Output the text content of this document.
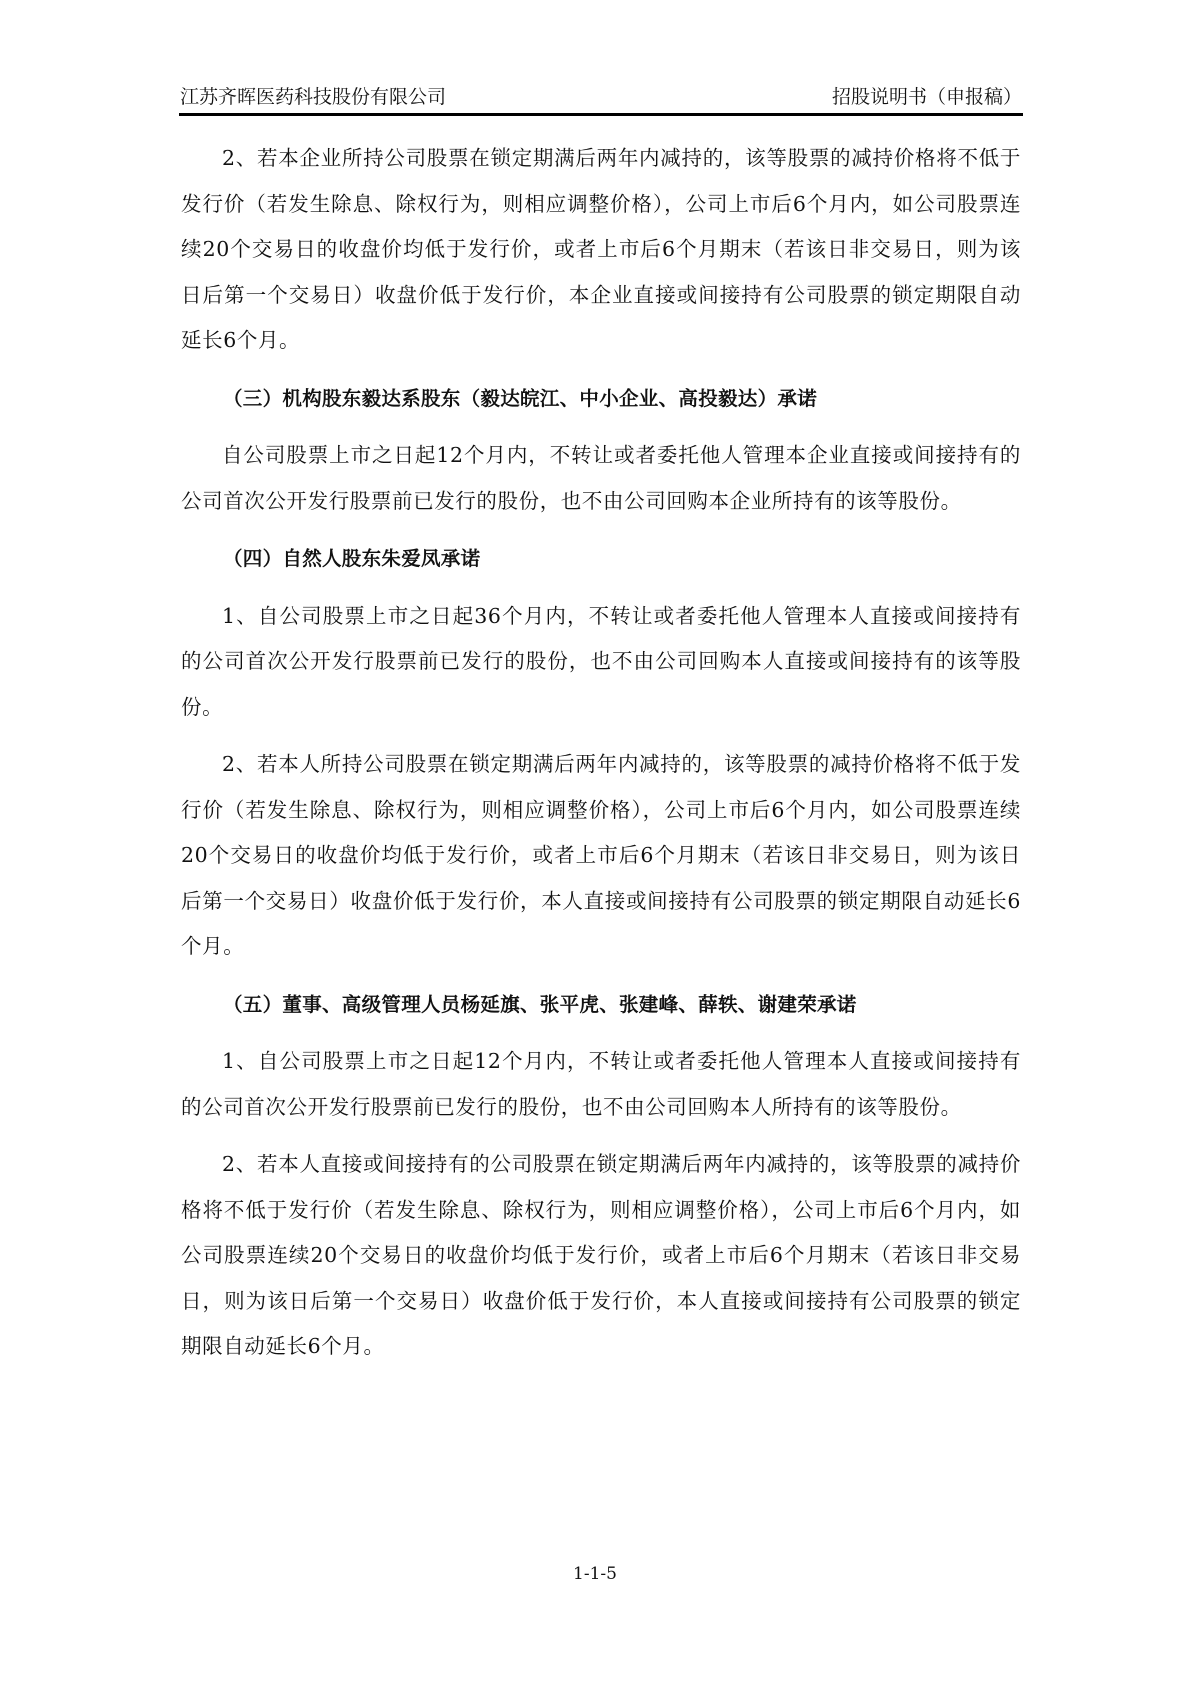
江苏齐晖医药科技股份有限公司	招股说明书（申报稿）

2、若本企业所持公司股票在锁定期满后两年内减持的，该等股票的减持价格将不低于发行价（若发生除息、除权行为，则相应调整价格），公司上市后6个月内，如公司股票连续20个交易日的收盘价均低于发行价，或者上市后6个月期末（若该日非交易日，则为该日后第一个交易日）收盘价低于发行价，本企业直接或间接持有公司股票的锁定期限自动延长6个月。

（三）机构股东毅达系股东（毅达皖江、中小企业、高投毅达）承诺

自公司股票上市之日起12个月内，不转让或者委托他人管理本企业直接或间接持有的公司首次公开发行股票前已发行的股份，也不由公司回购本企业所持有的该等股份。

（四）自然人股东朱爱凤承诺

1、自公司股票上市之日起36个月内，不转让或者委托他人管理本人直接或间接持有的公司首次公开发行股票前已发行的股份，也不由公司回购本人直接或间接持有的该等股份。

2、若本人所持公司股票在锁定期满后两年内减持的，该等股票的减持价格将不低于发行价（若发生除息、除权行为，则相应调整价格），公司上市后6个月内，如公司股票连续20个交易日的收盘价均低于发行价，或者上市后6个月期末（若该日非交易日，则为该日后第一个交易日）收盘价低于发行价，本人直接或间接持有公司股票的锁定期限自动延长6个月。

（五）董事、高级管理人员杨延旗、张平虎、张建峰、薛轶、谢建荣承诺

1、自公司股票上市之日起12个月内，不转让或者委托他人管理本人直接或间接持有的公司首次公开发行股票前已发行的股份，也不由公司回购本人所持有的该等股份。

2、若本人直接或间接持有的公司股票在锁定期满后两年内减持的，该等股票的减持价格将不低于发行价（若发生除息、除权行为，则相应调整价格），公司上市后6个月内，如公司股票连续20个交易日的收盘价均低于发行价，或者上市后6个月期末（若该日非交易日，则为该日后第一个交易日）收盘价低于发行价，本人直接或间接持有公司股票的锁定期限自动延长6个月。

1-1-5
